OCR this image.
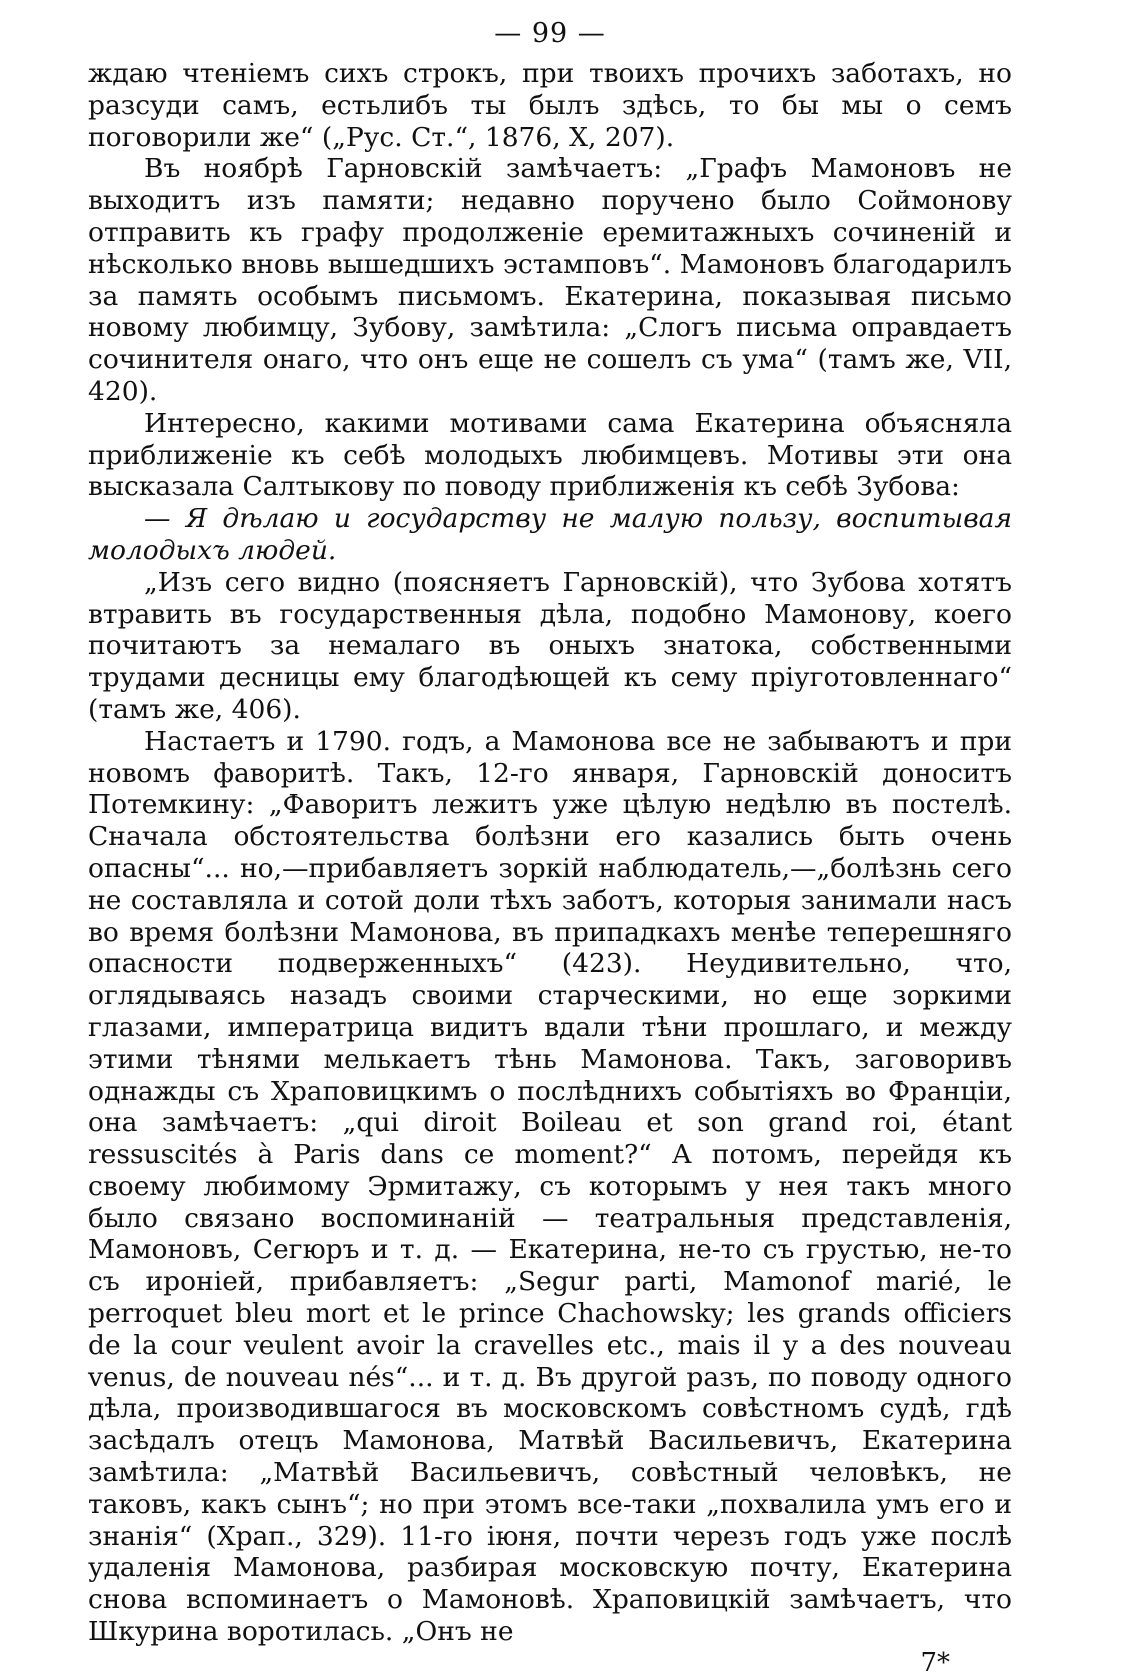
— 99 —

ждаю чтеніемъ сихъ строкъ, при твоихъ прочихъ заботахъ, но разсуди самъ, естьлибъ ты былъ здѣсь, то бы мы о семъ поговорили же“ („Рус. Ст.“, 1876, X, 207).

Въ ноябрѣ Гарновскій замѣчаетъ: „Графъ Мамоновъ не выходитъ изъ памяти; недавно поручено было Соймонову отправить къ графу продолженіе еремитажныхъ сочиненій и нѣсколько вновь вышедшихъ эстамповъ“. Мамоновъ благодарилъ за память особымъ письмомъ. Екатерина, показывая письмо новому любимцу, Зубову, замѣтила: „Слогъ письма оправдаетъ сочинителя онаго, что онъ еще не сошелъ съ ума“ (тамъ же, VII, 420).

Интересно, какими мотивами сама Екатерина объясняла приближеніе къ себѣ молодыхъ любимцевъ. Мотивы эти она высказала Салтыкову по поводу приближенія къ себѣ Зубова:

— Я дѣлаю и государству не малую пользу, воспитывая молодыхъ людей.

„Изъ сего видно (поясняетъ Гарновскій), что Зубова хотятъ втравить въ государственныя дѣла, подобно Мамонову, коего почитаютъ за немалаго въ оныхъ знатока, собственными трудами десницы ему благодѣющей къ сему пріуготовленнаго“ (тамъ же, 406).

Настаетъ и 1790. годъ, а Мамонова все не забываютъ и при новомъ фаворитѣ. Такъ, 12-го января, Гарновскій доноситъ Потемкину: „Фаворитъ лежитъ уже цѣлую недѣлю въ постелѣ. Сначала обстоятельства болѣзни его казались быть очень опасны“... но,—прибавляетъ зоркій наблюдатель,—„болѣзнь сего не составляла и сотой доли тѣхъ заботъ, которыя занимали насъ во время болѣзни Мамонова, въ припадкахъ менѣе теперешняго опасности подверженныхъ“ (423). Неудивительно, что, оглядываясь назадъ своими старческими, но еще зоркими глазами, императрица видитъ вдали тѣни прошлаго, и между этими тѣнями мелькаетъ тѣнь Мамонова. Такъ, заговоривъ однажды съ Храповицкимъ о послѣднихъ событіяхъ во Франціи, она замѣчаетъ: „qui diroit Boileau et son grand roi, étant ressuscités à Paris dans ce moment?“ А потомъ, перейдя къ своему любимому Эрмитажу, съ которымъ у нея такъ много было связано воспоминаній — театральныя представленія, Мамоновъ, Сегюръ и т. д. — Екатерина, не-то съ грустью, не-то съ ироніей, прибавляетъ: „Segur parti, Mamonof marié, le perroquet bleu mort et le prince Chachowsky; les grands officiers de la cour veulent avoir la cravelles etc., mais il y a des nouveau venus, de nouveau nés“... и т. д. Въ другой разъ, по поводу одного дѣла, производившагося въ московскомъ совѣстномъ судѣ, гдѣ засѣдалъ отецъ Мамонова, Матвѣй Васильевичъ, Екатерина замѣтила: „Матвѣй Васильевичъ, совѣстный человѣкъ, не таковъ, какъ сынъ“; но при этомъ все-таки „похвалила умъ его и знанія“ (Храп., 329). 11-го іюня, почти черезъ годъ уже послѣ удаленія Мамонова, разбирая московскую почту, Екатерина снова вспоминаетъ о Мамоновѣ. Храповицкій замѣчаетъ, что Шкурина воротилась. „Онъ не

7*
